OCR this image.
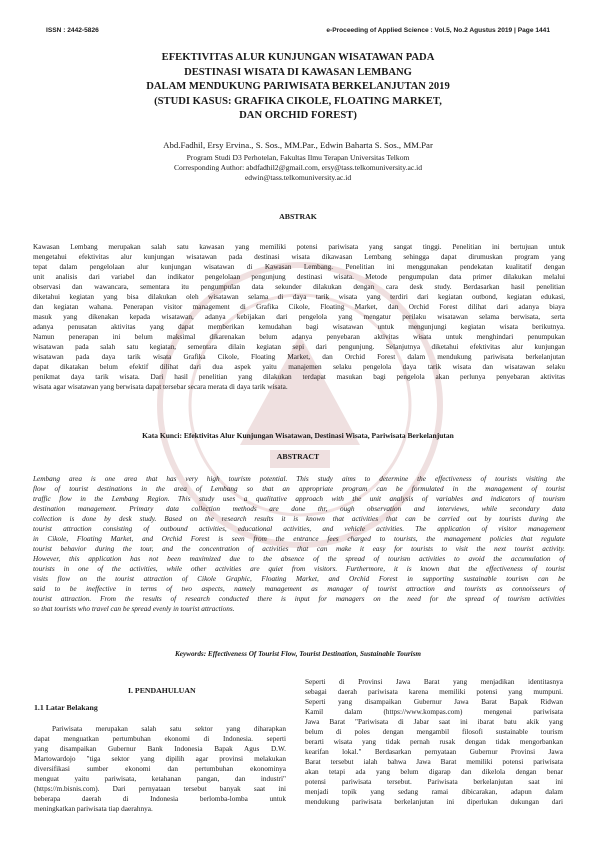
ISSN : 2442-5826	e-Proceeding of Applied Science : Vol.5, No.2 Agustus 2019 | Page 1441
EFEKTIVITAS ALUR KUNJUNGAN WISATAWAN PADA
DESTINASI WISATA DI KAWASAN LEMBANG
DALAM MENDUKUNG PARIWISATA BERKELANJUTAN 2019
(STUDI KASUS: GRAFIKA CIKOLE, FLOATING MARKET,
DAN ORCHID FOREST)
Abd.Fadhil, Ersy Ervina., S. Sos., MM.Par., Edwin Baharta S. Sos., MM.Par
Program Studi D3 Perhotelan, Fakultas Ilmu Terapan Universitas Telkom
Corresponding Author: abdfadhil2@gmail.com, ersy@tass.telkomuniversity.ac.id
edwin@tass.telkomuniversity.ac.id
ABSTRAK
Kawasan Lembang merupakan salah satu kawasan yang memiliki potensi pariwisata yang sangat tinggi. Penelitian ini bertujuan untuk
mengetahui efektivitas alur kunjungan wisatawan pada destinasi wisata dikawasan Lembang sehingga dapat dirumuskan program yang
tepat dalam pengelolaan alur kunjungan wisatawan di Kawasan Lembang. Penelitian ini menggunakan pendekatan kualitatif dengan
unit analisis dari variabel dan indikator pengelolaan pengunjung destinasi wisata. Metode pengumpulan data primer dilakukan melalui
observasi dan wawancara, sementara itu pengumpulan data sekunder dilakukan dengan cara desk study. Berdasarkan hasil penelitian
diketahui kegiatan yang bisa dilakukan oleh wisatawan selama di daya tarik wisata yang terdiri dari kegiatan outbond, kegiatan edukasi,
dan kegiatan wahana. Penerapan visitor management di Grafika Cikole, Floating Market, dan Orchid Forest dilihat dari adanya biaya
masuk yang dikenakan kepada wisatawan, adanya kebijakan dari pengelola yang mengatur perilaku wisatawan selama berwisata, serta
adanya penusatan aktivitas yang dapat memberikan kemudahan bagi wisatawan untuk mengunjungi kegiatan wisata berikutnya.
Namun penerapan ini belum maksimal dikarenakan belum adanya penyebaran aktivitas wisata untuk menghindari penumpukan
wisatawan pada salah satu kegiatan, sementara dilain kegiatan sepi dari pengunjung. Selanjutnya diketahui efektivitas alur kunjungan
wisatawan pada daya tarik wisata Grafika Cikole, Floating Market, dan Orchid Forest dalam mendukung pariwisata berkelanjutan
dapat dikatakan belum efektif dilihat dari dua aspek yaitu manajemen selaku pengelola daya tarik wisata dan wisatawan selaku
penikmat daya tarik wisata. Dari hasil penelitian yang dilakukan terdapat masukan bagi pengelola akan perlunya penyebaran aktivitas
wisata agar wisatawan yang berwisata dapat tersebar secara merata di daya tarik wisata.
Kata Kunci: Efektivitas Alur Kunjungan Wisatawan, Destinasi Wisata, Pariwisata Berkelanjutan
ABSTRACT
Lembang area is one area that has very high tourism potential. This study aims to determine the effectiveness of tourists visiting the
flow of tourist destinations in the area of Lembang so that an appropriate program can be formulated in the management of tourist
traffic flow in the Lembang Region. This study uses a qualitative approach with the unit analysis of variables and indicators of tourism
destination management. Primary data collection methods are done thr, ough observation and interviews, while secondary data
collection is done by desk study. Based on the research results it is known that activities that can be carried out by tourists during the
tourist attraction consisting of outbound activities, educational activities, and vehicle activities. The application of visitor management
in Cikole, Floating Market, and Orchid Forest is seen from the entrance fees charged to tourists, the management policies that regulate
tourist behavior during the tour, and the concentration of activities that can make it easy for tourists to visit the next tourist activity.
However, this application has not been maximized due to the absence of the spread of tourism activities to avoid the accumulation of
tourists in one of the activities, while other activities are quiet from visitors. Furthermore, it is known that the effectiveness of tourist
visits flow on the tourist attraction of Cikole Graphic, Floating Market, and Orchid Forest in supporting sustainable tourism can be
said to be ineffective in terms of two aspects, namely management as manager of tourist attraction and tourists as connoisseurs of
tourist attraction. From the results of research conducted there is input for managers on the need for the spread of tourism activities
so that tourists who travel can be spread evenly in tourist attractions.
Keywords: Effectiveness Of Tourist Flow, Tourist Destination, Sustainable Tourism
I. PENDAHULUAN
1.1 Latar Belakang
Pariwisata merupakan salah satu sektor yang diharapkan
dapat menguatkan pertumbuhan ekonomi di Indonesia. seperti
yang disampaikan Gubernur Bank Indonesia Bapak Agus D.W.
Martowardojo "tiga sektor yang dipilih agar provinsi melakukan
diversifikasi sumber ekonomi dan pertumbuhan ekonominya
menguat yaitu pariwisata, ketahanan pangan, dan industri"
(https://m.bisnis.com). Dari pernyataan tersebut banyak saat ini
beberapa daerah di Indonesia berlomba-lomba untuk
meningkatkan pariwisata tiap daerahnya.
Seperti di Provinsi Jawa Barat yang menjadikan identitasnya
sebagai daerah pariwisata karena memiliki potensi yang mumpuni.
Seperti yang disampaikan Gubernur Jawa Barat Bapak Ridwan
Kamil dalam (https://www.kompas.com) mengenai pariwisata
Jawa Barat "Pariwisata di Jabar saat ini ibarat batu akik yang
belum di poles dengan mengambil filosofi sustainable tourism
berarti wisata yang tidak pernah rusak dengan tidak mengorbankan
kearifan lokal." Berdasarkan pernyataan Gubernur Provinsi Jawa
Barat tersebut ialah bahwa Jawa Barat memiliki potensi pariwisata
akan tetapi ada yang belum digarap dan dikelola dengan benar
potensi pariwisata tersebut. Pariwisata berkelanjutan saat ini
menjadi topik yang sedang ramai dibicarakan, adapun dalam
mendukung pariwisata berkelanjutan ini diperlukan dukungan dari
